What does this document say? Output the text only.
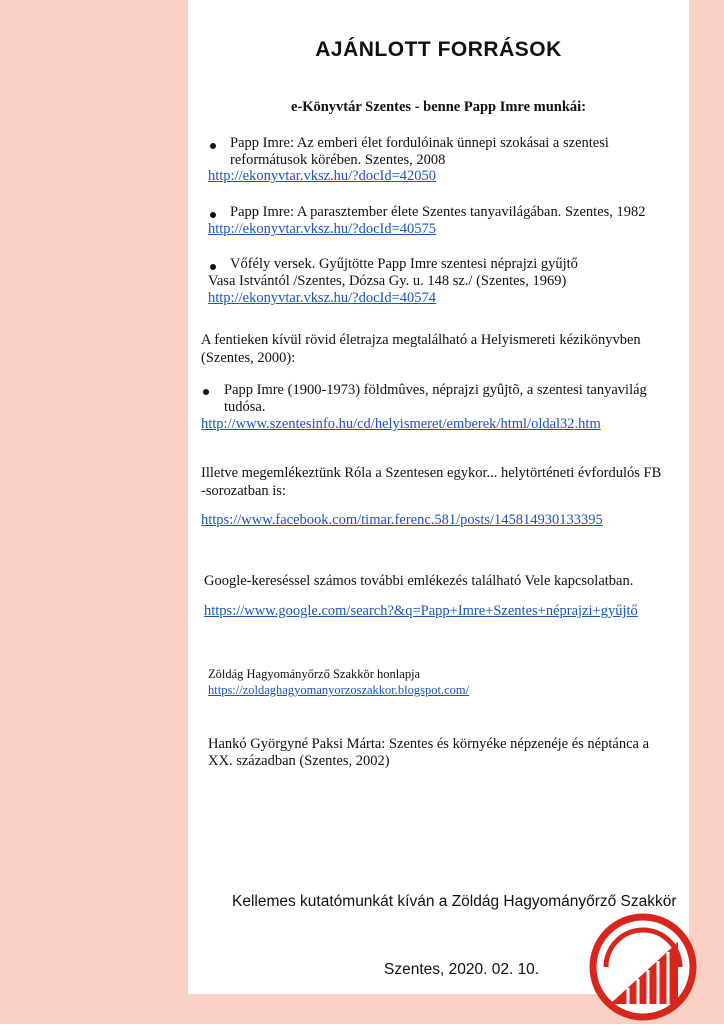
AJÁNLOTT FORRÁSOK
e-Könyvtár Szentes - benne Papp Imre munkái:
Papp Imre: Az emberi élet fordulóinak ünnepi szokásai a szentesi
reformátusok körében. Szentes, 2008
http://ekonyvtar.vksz.hu/?docId=42050
Papp Imre: A parasztember élete Szentes tanyavilágában. Szentes, 1982
http://ekonyvtar.vksz.hu/?docId=40575
Vőfély versek. Gyűjtötte Papp Imre szentesi néprajzi gyűjtő
Vasa Istvántól /Szentes, Dózsa Gy. u. 148 sz./ (Szentes, 1969)
http://ekonyvtar.vksz.hu/?docId=40574
A fentieken kívül rövid életrajza megtalálható a Helyismereti kézikönyvben
(Szentes, 2000):
Papp Imre (1900-1973) földmûves, néprajzi gyûjtõ, a szentesi tanyavilág
tudósa.
http://www.szentesinfo.hu/cd/helyismeret/emberek/html/oldal32.htm
Illetve megemlékeztünk Róla a Szentesen egykor... helytörténeti évfordulós FB
-sorozatban is:
https://www.facebook.com/timar.ferenc.581/posts/145814930133395
Google-kereséssel számos további emlékezés található Vele kapcsolatban.
https://www.google.com/search?&q=Papp+Imre+Szentes+néprajzi+gyűjtő
Zöldág Hagyományőrző Szakkör honlapja
https://zoldaghagyomanyorzoszakkor.blogspot.com/
Hankó Györgyné Paksi Márta: Szentes és környéke népzenéje és néptánca a
XX. században (Szentes, 2002)
Kellemes kutatómunkát kíván a Zöldág Hagyományőrző Szakkör
Szentes, 2020. 02. 10.
